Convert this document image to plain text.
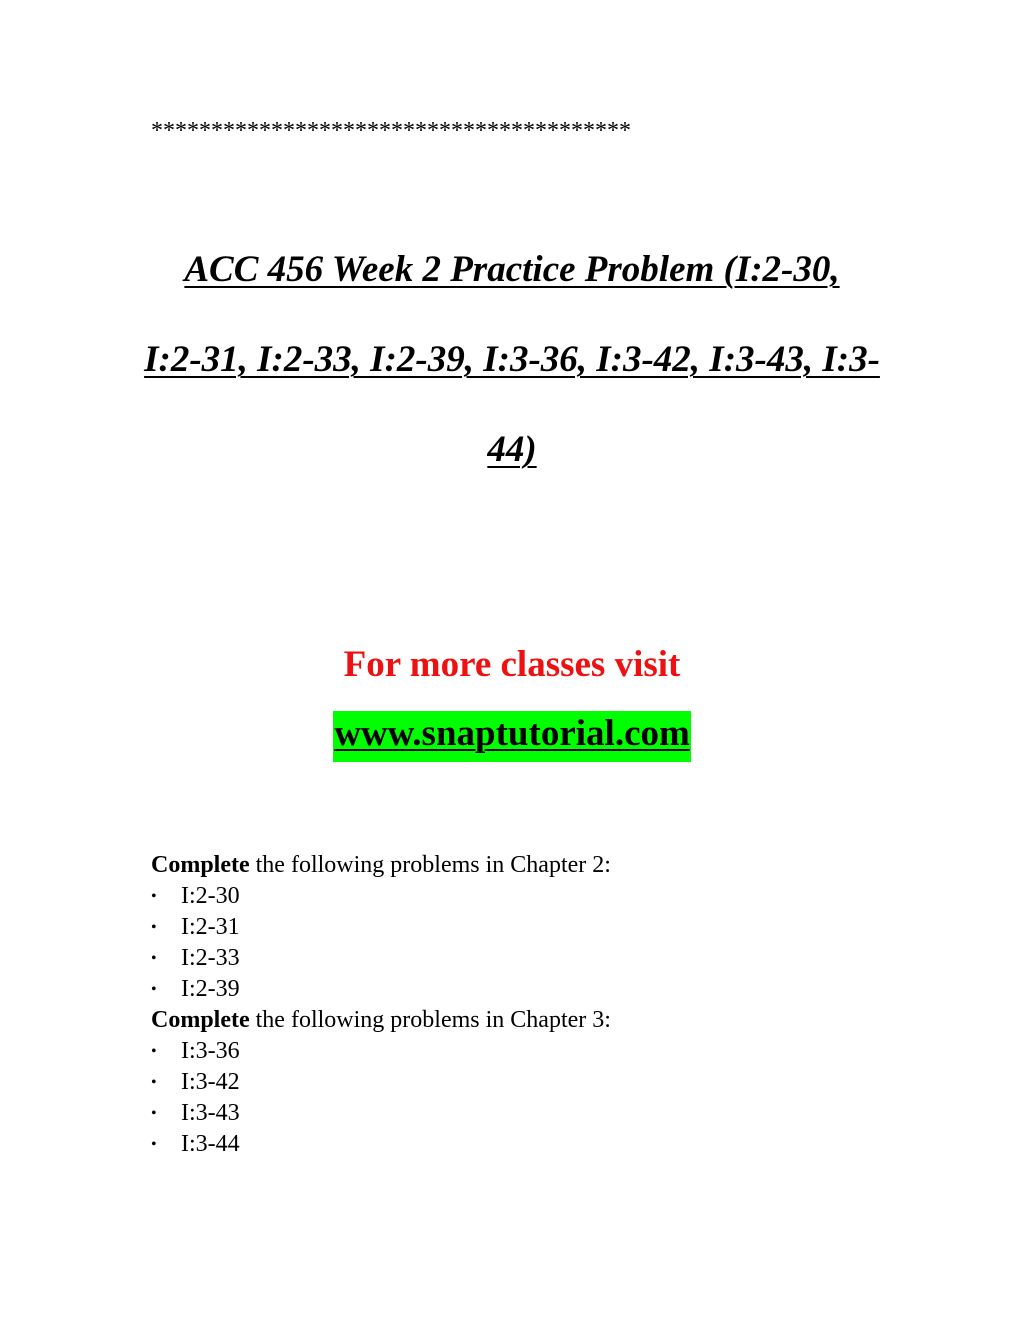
****************************************
ACC 456 Week 2 Practice Problem (I:2-30,
I:2-31, I:2-33, I:2-39, I:3-36, I:3-42, I:3-43, I:3-
44)
For more classes visit
www.snaptutorial.com
Complete the following problems in Chapter 2:
• I:2-30
• I:2-31
• I:2-33
• I:2-39
Complete the following problems in Chapter 3:
• I:3-36
• I:3-42
• I:3-43
• I:3-44
